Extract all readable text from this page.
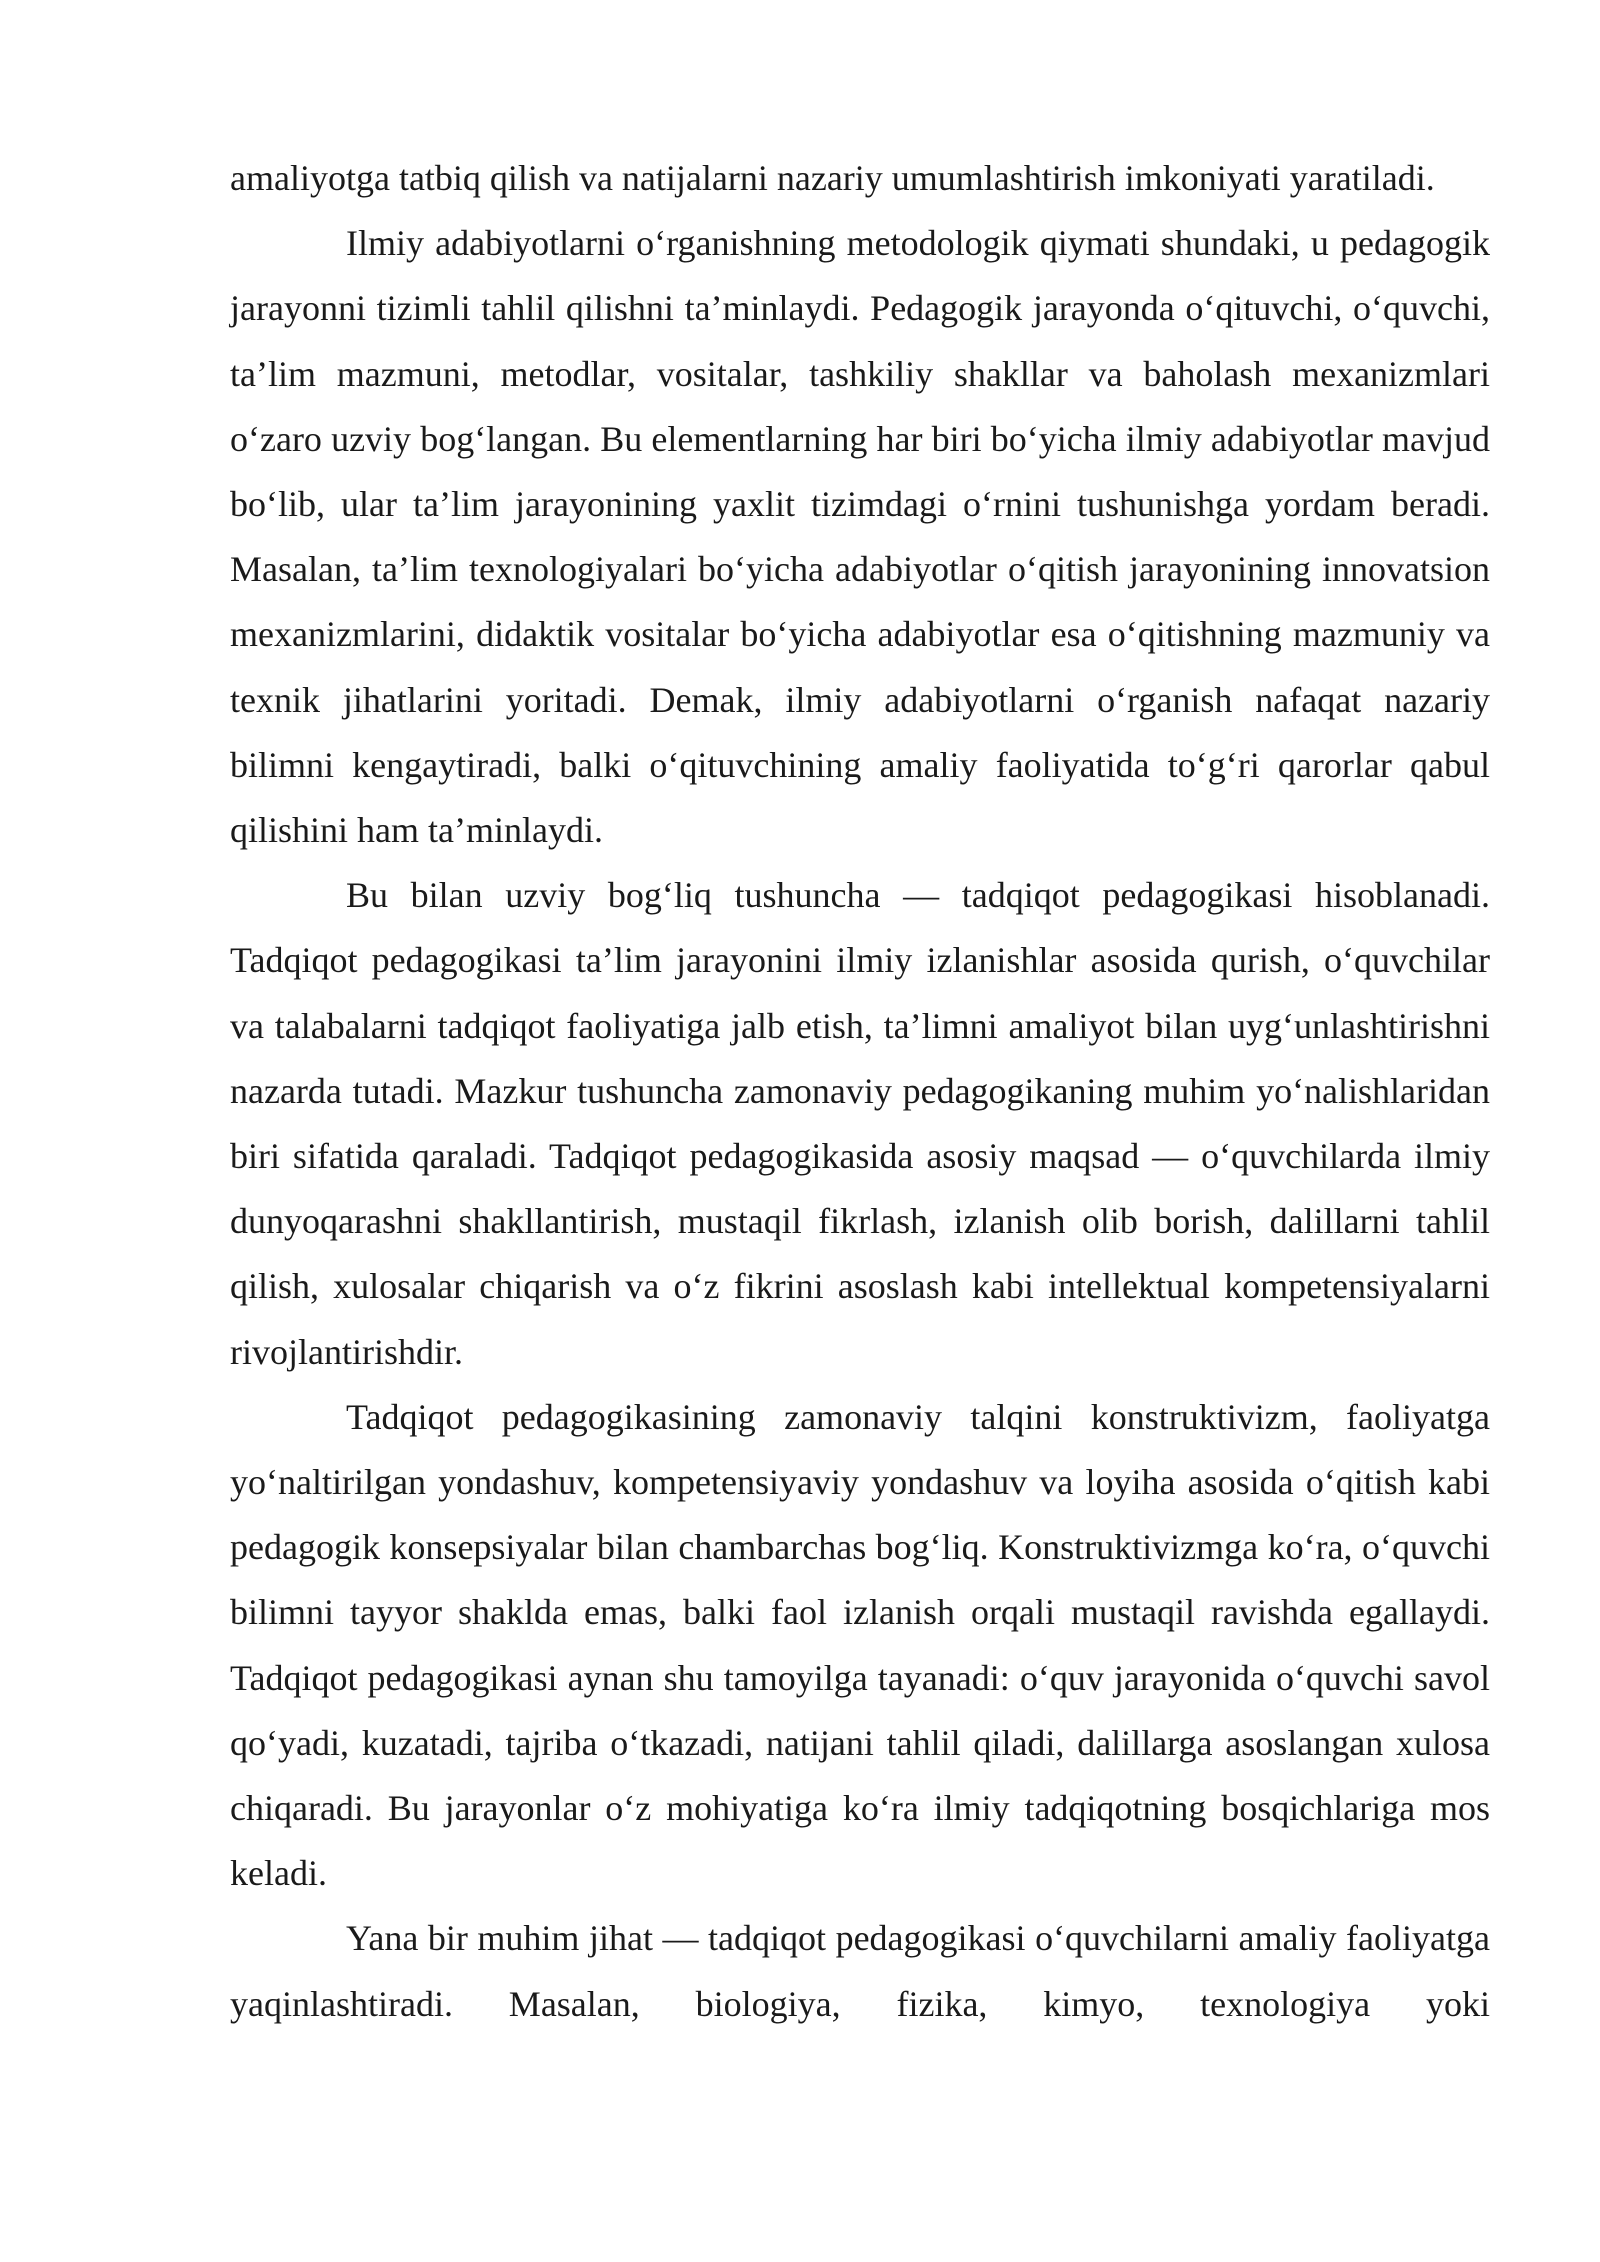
amaliyotga tatbiq qilish va natijalarni nazariy umumlashtirish imkoniyati yaratiladi.

Ilmiy adabiyotlarni o‘rganishning metodologik qiymati shundaki, u pedagogik jarayonni tizimli tahlil qilishni ta’minlaydi. Pedagogik jarayonda o‘qituvchi, o‘quvchi, ta’lim mazmuni, metodlar, vositalar, tashkiliy shakllar va baholash mexanizmlari o‘zaro uzviy bog‘langan. Bu elementlarning har biri bo‘yicha ilmiy adabiyotlar mavjud bo‘lib, ular ta’lim jarayonining yaxlit tizimdagi o‘rnini tushunishga yordam beradi. Masalan, ta’lim texnologiyalari bo‘yicha adabiyotlar o‘qitish jarayonining innovatsion mexanizmlarini, didaktik vositalar bo‘yicha adabiyotlar esa o‘qitishning mazmuniy va texnik jihatlarini yoritadi. Demak, ilmiy adabiyotlarni o‘rganish nafaqat nazariy bilimni kengaytiradi, balki o‘qituvchining amaliy faoliyatida to‘g‘ri qarorlar qabul qilishini ham ta’minlaydi.

Bu bilan uzviy bog‘liq tushuncha — tadqiqot pedagogikasi hisoblanadi. Tadqiqot pedagogikasi ta’lim jarayonini ilmiy izlanishlar asosida qurish, o‘quvchilar va talabalarni tadqiqot faoliyatiga jalb etish, ta’limni amaliyot bilan uyg‘unlashtirishni nazarda tutadi. Mazkur tushuncha zamonaviy pedagogikaning muhim yo‘nalishlaridan biri sifatida qaraladi. Tadqiqot pedagogikasida asosiy maqsad — o‘quvchilarda ilmiy dunyoqarashni shakllantirish, mustaqil fikrlash, izlanish olib borish, dalillarni tahlil qilish, xulosalar chiqarish va o‘z fikrini asoslash kabi intellektual kompetensiyalarni rivojlantirishdir.

Tadqiqot pedagogikasining zamonaviy talqini konstruktivizm, faoliyatga yo‘naltirilgan yondashuv, kompetensiyaviy yondashuv va loyiha asosida o‘qitish kabi pedagogik konsepsiyalar bilan chambarchas bog‘liq. Konstruktivizmga ko‘ra, o‘quvchi bilimni tayyor shaklda emas, balki faol izlanish orqali mustaqil ravishda egallaydi. Tadqiqot pedagogikasi aynan shu tamoyilga tayanadi: o‘quv jarayonida o‘quvchi savol qo‘yadi, kuzatadi, tajriba o‘tkazadi, natijani tahlil qiladi, dalillarga asoslangan xulosa chiqaradi. Bu jarayonlar o‘z mohiyatiga ko‘ra ilmiy tadqiqotning bosqichlariga mos keladi.

Yana bir muhim jihat — tadqiqot pedagogikasi o‘quvchilarni amaliy faoliyatga yaqinlashtiradi. Masalan, biologiya, fizika, kimyo, texnologiya yoki
